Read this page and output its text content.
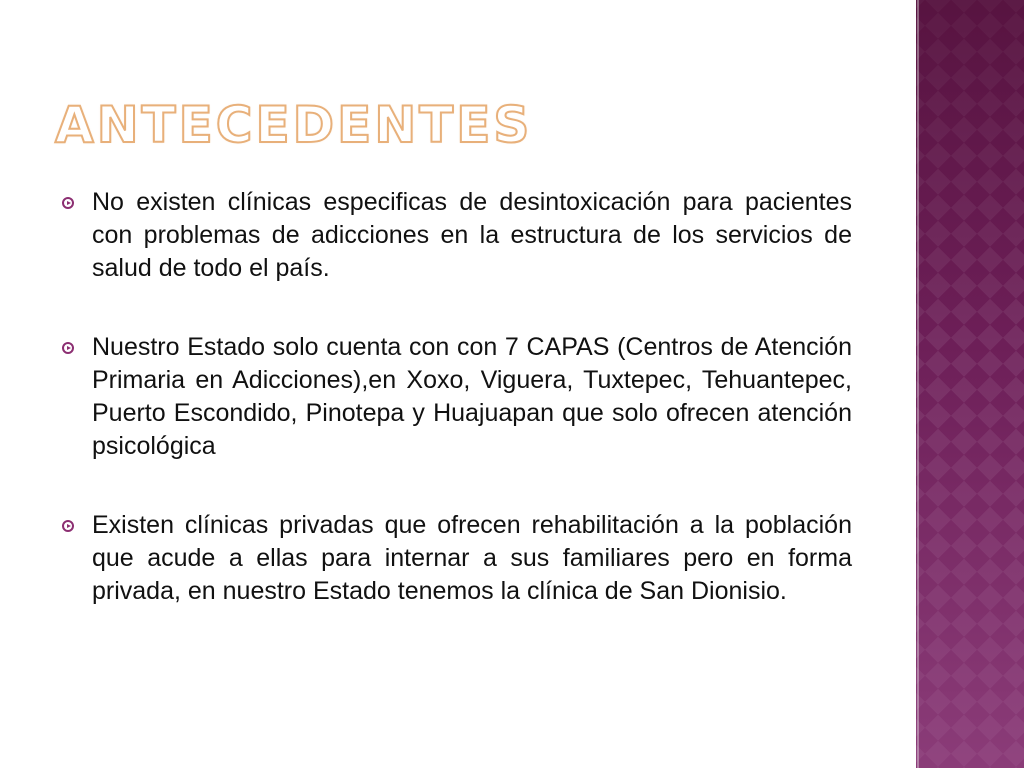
ANTECEDENTES
No existen clínicas especificas de desintoxicación para pacientes con problemas de adicciones en la estructura de los servicios de salud de todo el país.
Nuestro Estado solo cuenta con con 7 CAPAS (Centros de Atención Primaria en Adicciones),en Xoxo, Viguera, Tuxtepec, Tehuantepec, Puerto Escondido, Pinotepa y Huajuapan que solo ofrecen atención psicológica
Existen clínicas privadas que ofrecen rehabilitación a la población que acude a ellas para internar a sus familiares pero en forma privada, en nuestro Estado tenemos la clínica de San Dionisio.
